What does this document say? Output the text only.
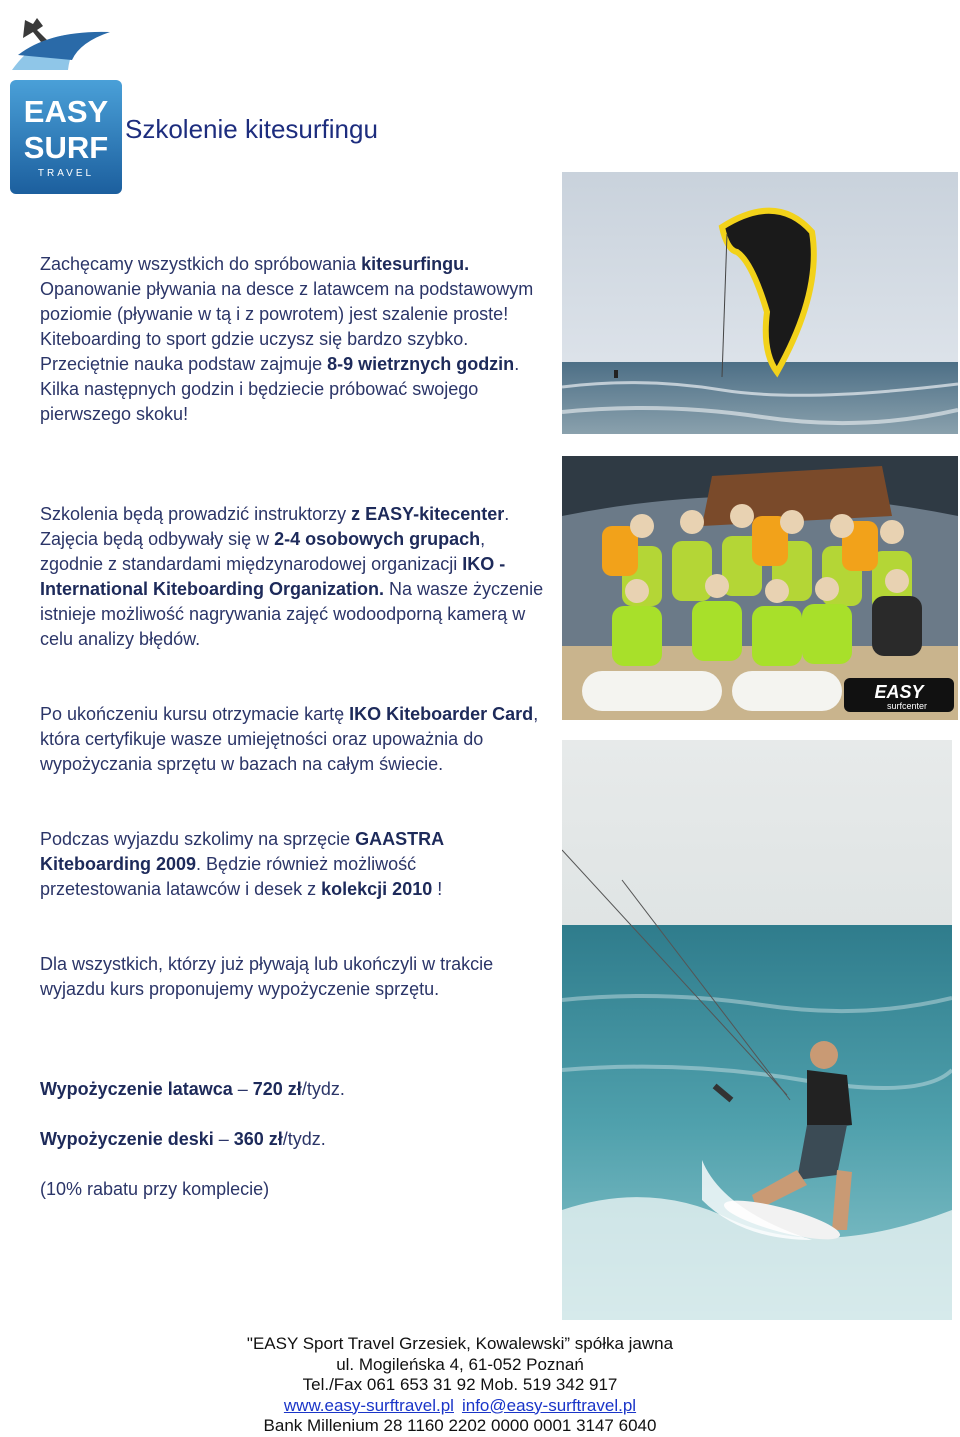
EASY
SURF
TRAVEL
Szkolenie kitesurfingu
Zachęcamy wszystkich do spróbowania kitesurfingu. Opanowanie pływania na desce z latawcem na podstawowym poziomie (pływanie w tą i z powrotem) jest szalenie proste! Kiteboarding to sport gdzie uczysz się bardzo szybko. Przeciętnie nauka podstaw zajmuje 8-9 wietrznych godzin. Kilka następnych godzin i będziecie próbować swojego pierwszego skoku!
Szkolenia będą prowadzić instruktorzy z EASY-kitecenter. Zajęcia będą odbywały się w 2-4 osobowych grupach, zgodnie z standardami międzynarodowej organizacji IKO - International Kiteboarding Organization. Na wasze życzenie istnieje możliwość nagrywania zajęć wodoodporną kamerą w celu analizy błędów.
Po ukończeniu kursu otrzymacie kartę IKO Kiteboarder Card, która certyfikuje wasze umiejętności oraz upoważnia do wypożyczania sprzętu w bazach na całym świecie.
Podczas wyjazdu szkolimy na sprzęcie GAASTRA Kiteboarding 2009. Będzie również możliwość przetestowania latawców i desek z kolekcji 2010 !
Dla wszystkich, którzy już pływają lub ukończyli w trakcie wyjazdu kurs proponujemy wypożyczenie sprzętu.
Wypożyczenie latawca – 720 zł/tydz.
Wypożyczenie deski – 360 zł/tydz.
(10% rabatu przy komplecie)
EASY
surfcenter
"EASY Sport Travel Grzesiek, Kowalewski” spółka jawna
ul. Mogileńska 4, 61-052 Poznań
Tel./Fax 061 653 31 92 Mob. 519 342 917
www.easy-surftravel.pl info@easy-surftravel.pl
Bank Millenium 28 1160 2202 0000 0001 3147 6040
